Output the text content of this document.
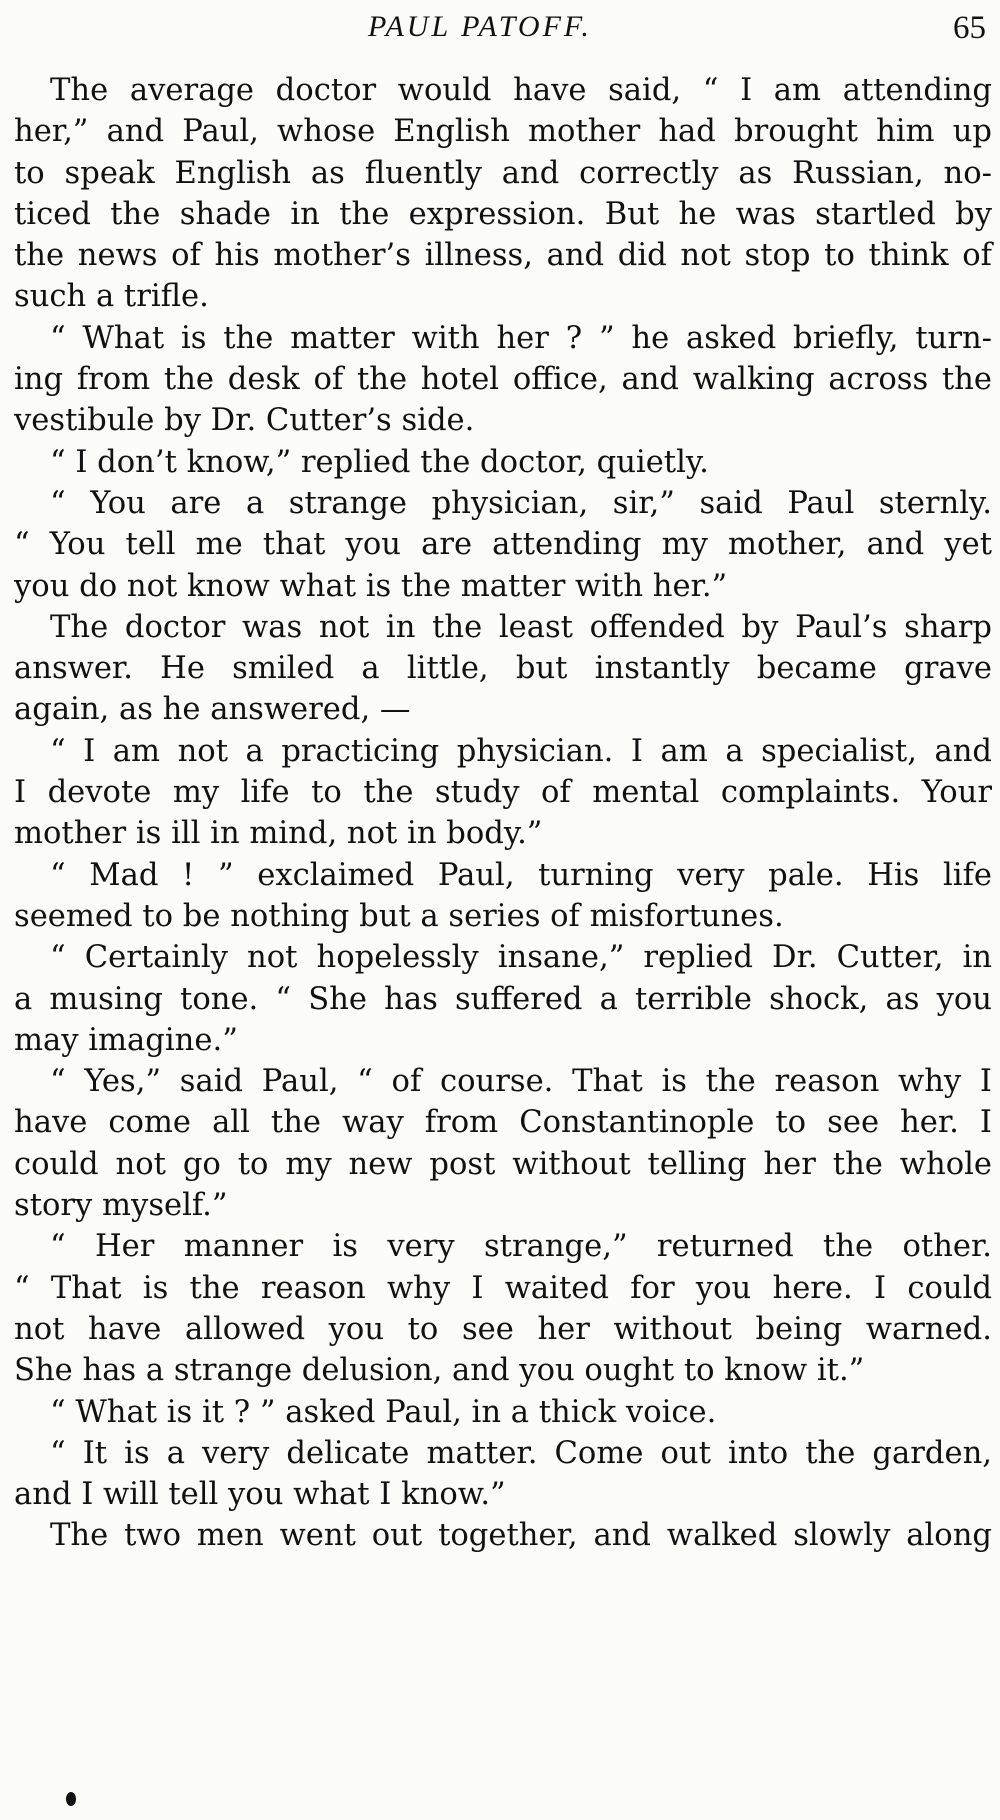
PAUL PATOFF.	65
The average doctor would have said, “ I am attending
her,” and Paul, whose English mother had brought him up
to speak English as fluently and correctly as Russian, no-
ticed the shade in the expression. But he was startled by
the news of his mother’s illness, and did not stop to think of
such a trifle.
“ What is the matter with her ? ” he asked briefly, turn-
ing from the desk of the hotel office, and walking across the
vestibule by Dr. Cutter’s side.
“ I don’t know,” replied the doctor, quietly.
“ You are a strange physician, sir,” said Paul sternly.
“ You tell me that you are attending my mother, and yet
you do not know what is the matter with her.”
The doctor was not in the least offended by Paul’s sharp
answer. He smiled a little, but instantly became grave
again, as he answered, —
“ I am not a practicing physician. I am a specialist, and
I devote my life to the study of mental complaints. Your
mother is ill in mind, not in body.”
“ Mad ! ” exclaimed Paul, turning very pale. His life
seemed to be nothing but a series of misfortunes.
“ Certainly not hopelessly insane,” replied Dr. Cutter, in
a musing tone. “ She has suffered a terrible shock, as you
may imagine.”
“ Yes,” said Paul, “ of course. That is the reason why I
have come all the way from Constantinople to see her. I
could not go to my new post without telling her the whole
story myself.”
“ Her manner is very strange,” returned the other.
“ That is the reason why I waited for you here. I could
not have allowed you to see her without being warned.
She has a strange delusion, and you ought to know it.”
“ What is it ? ” asked Paul, in a thick voice.
“ It is a very delicate matter. Come out into the garden,
and I will tell you what I know.”
The two men went out together, and walked slowly along
